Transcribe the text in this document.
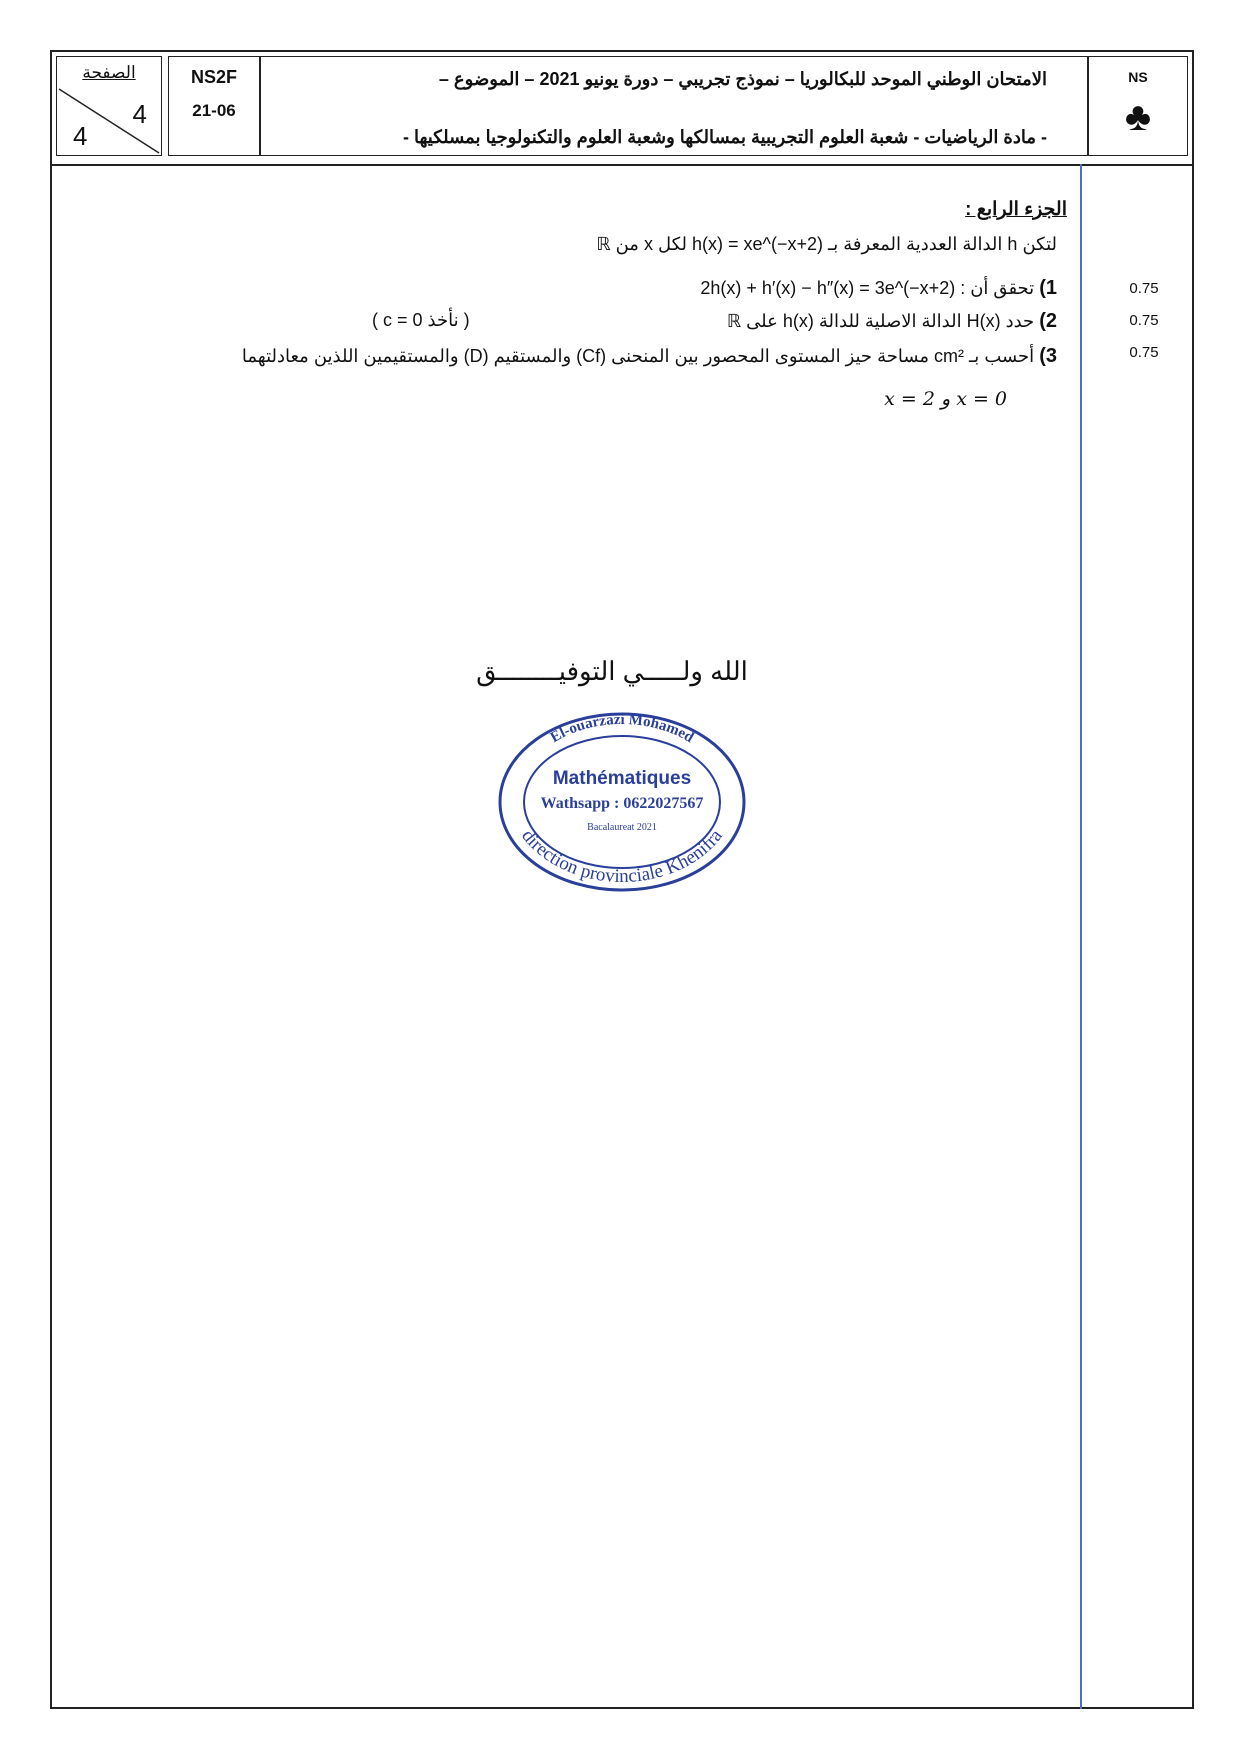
الصفحة
4
4
NS2F
21-06
الامتحان الوطني الموحد للبكالوريا – نموذج تجريبي – دورة يونيو 2021 – الموضوع –
- مادة الرياضيات - شعبة العلوم التجريبية بمسالكها وشعبة العلوم والتكنولوجيا بمسلكيها -
NS
♣
الجزء الرابع :
لتكن h الدالة العددية المعرفة بـ h(x) = xe^(−x+2) لكل x من ℝ
1) تحقق أن : 2h(x) + h′(x) − h″(x) = 3e^(−x+2)
2) حدد H(x) الدالة الاصلية للدالة h(x) على ℝ
( نأخذ c = 0 )
3) أحسب بـ cm² مساحة حيز المستوى المحصور بين المنحنى (Cf) والمستقيم (D) والمستقيمين اللذين معادلتهما
x = 0 و x = 2
0.75
0.75
0.75
الله ولـــــي التوفيــــــــق
El-ouarzazi Mohamed
Mathématiques
Wathsapp : 0622027567
Bacalaureat 2021
direction provinciale Khenifra
